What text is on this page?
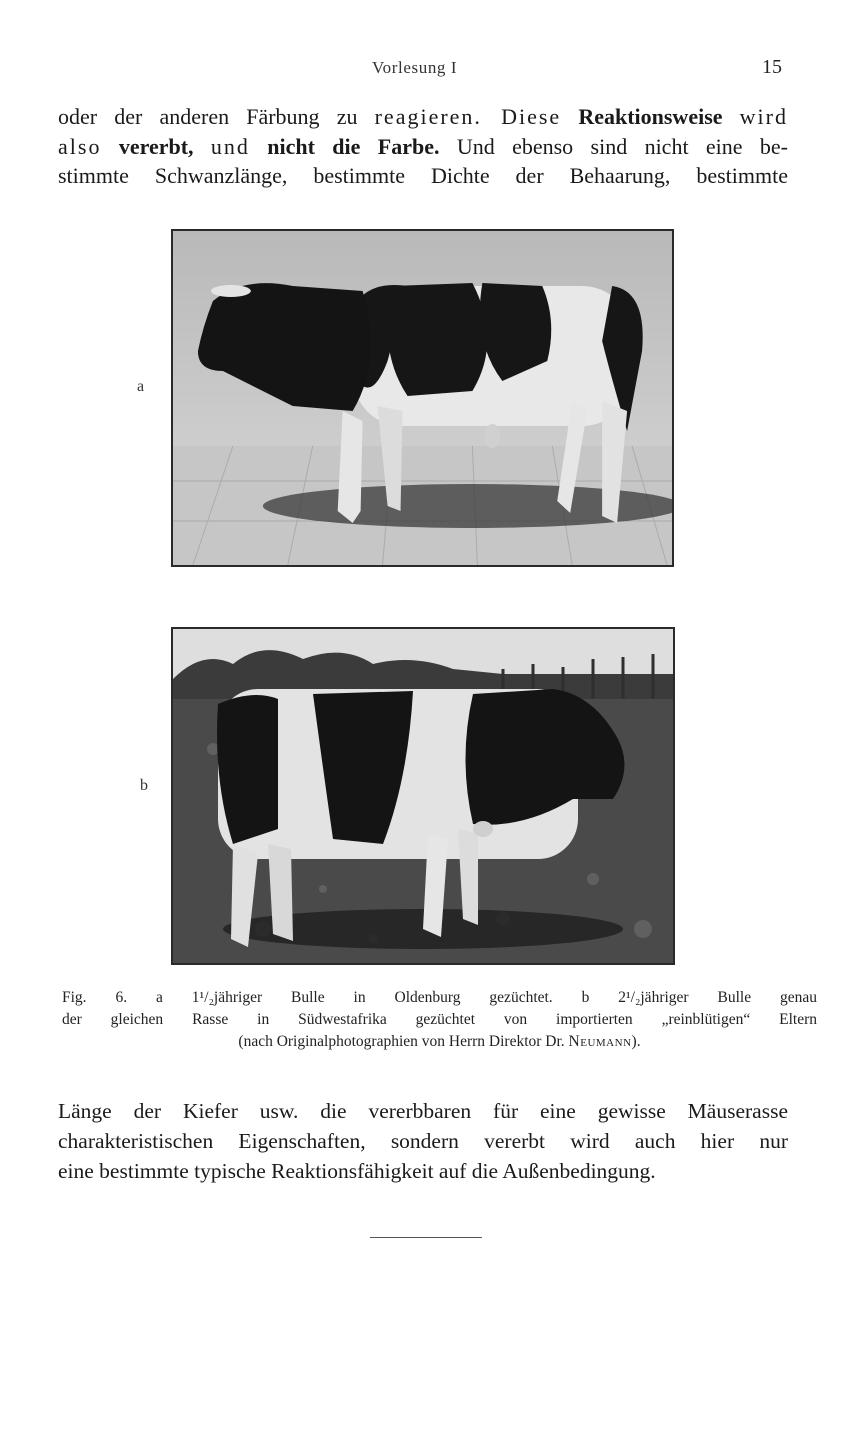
Vorlesung I	15
oder der anderen Färbung zu reagieren. Diese Reaktionsweise wird
also vererbt, und nicht die Farbe. Und ebenso sind nicht eine be-
stimmte Schwanzlänge, bestimmte Dichte der Behaarung, bestimmte
a
b
Fig. 6. a 1¹/₂jähriger Bulle in Oldenburg gezüchtet. b 2¹/₂jähriger Bulle genau
der gleichen Rasse in Südwestafrika gezüchtet von importierten „reinblütigen“ Eltern
(nach Originalphotographien von Herrn Direktor Dr. Neumann).
Länge der Kiefer usw. die vererbbaren für eine gewisse Mäuserasse
charakteristischen Eigenschaften, sondern vererbt wird auch hier nur
eine bestimmte typische Reaktionsfähigkeit auf die Außenbedingung.
